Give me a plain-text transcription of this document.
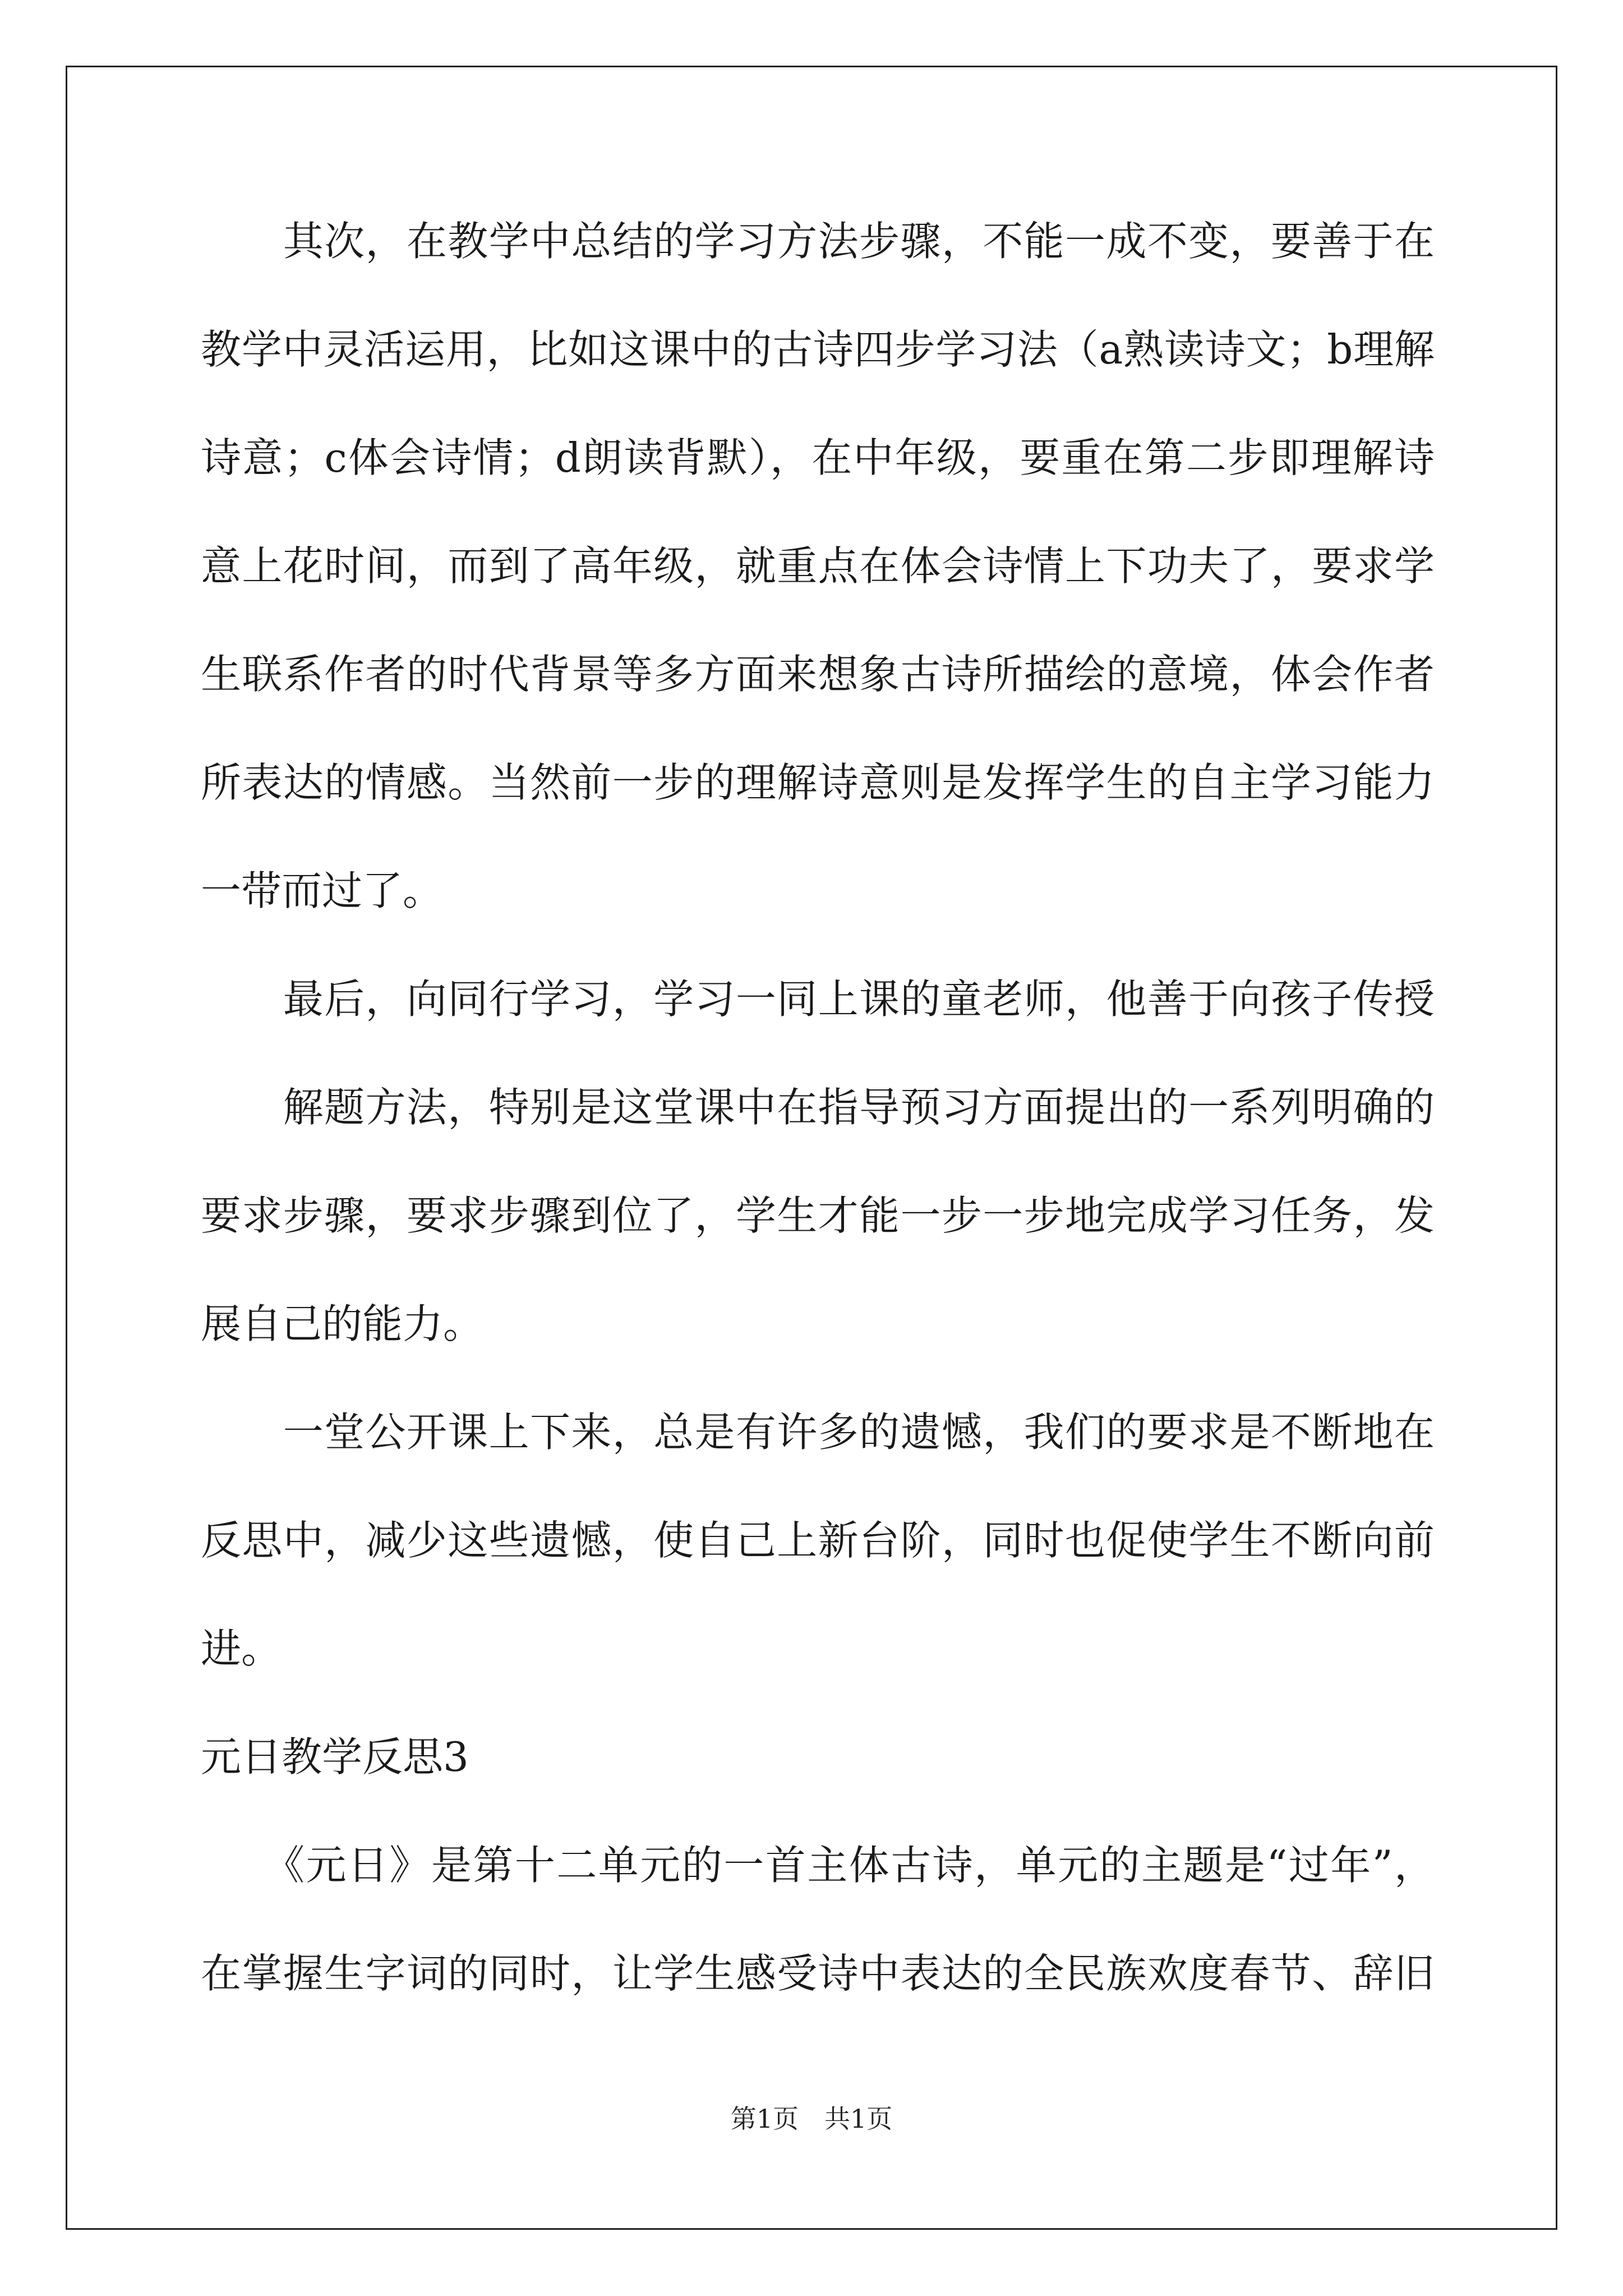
　　其次，在教学中总结的学习方法步骤，不能一成不变，要善于在
教学中灵活运用，比如这课中的古诗四步学习法（a熟读诗文；b理解
诗意；c体会诗情；d朗读背默），在中年级，要重在第二步即理解诗
意上花时间，而到了高年级，就重点在体会诗情上下功夫了，要求学
生联系作者的时代背景等多方面来想象古诗所描绘的意境，体会作者
所表达的情感。当然前一步的理解诗意则是发挥学生的自主学习能力
一带而过了。
　　最后，向同行学习，学习一同上课的童老师，他善于向孩子传授
　　解题方法，特别是这堂课中在指导预习方面提出的一系列明确的
要求步骤，要求步骤到位了，学生才能一步一步地完成学习任务，发
展自己的能力。
　　一堂公开课上下来，总是有许多的遗憾，我们的要求是不断地在
反思中，减少这些遗憾，使自己上新台阶，同时也促使学生不断向前
进。
元日教学反思3
　　《元日》是第十二单元的一首主体古诗，单元的主题是“过年”，
在掌握生字词的同时，让学生感受诗中表达的全民族欢度春节、辞旧
第1页　共1页
